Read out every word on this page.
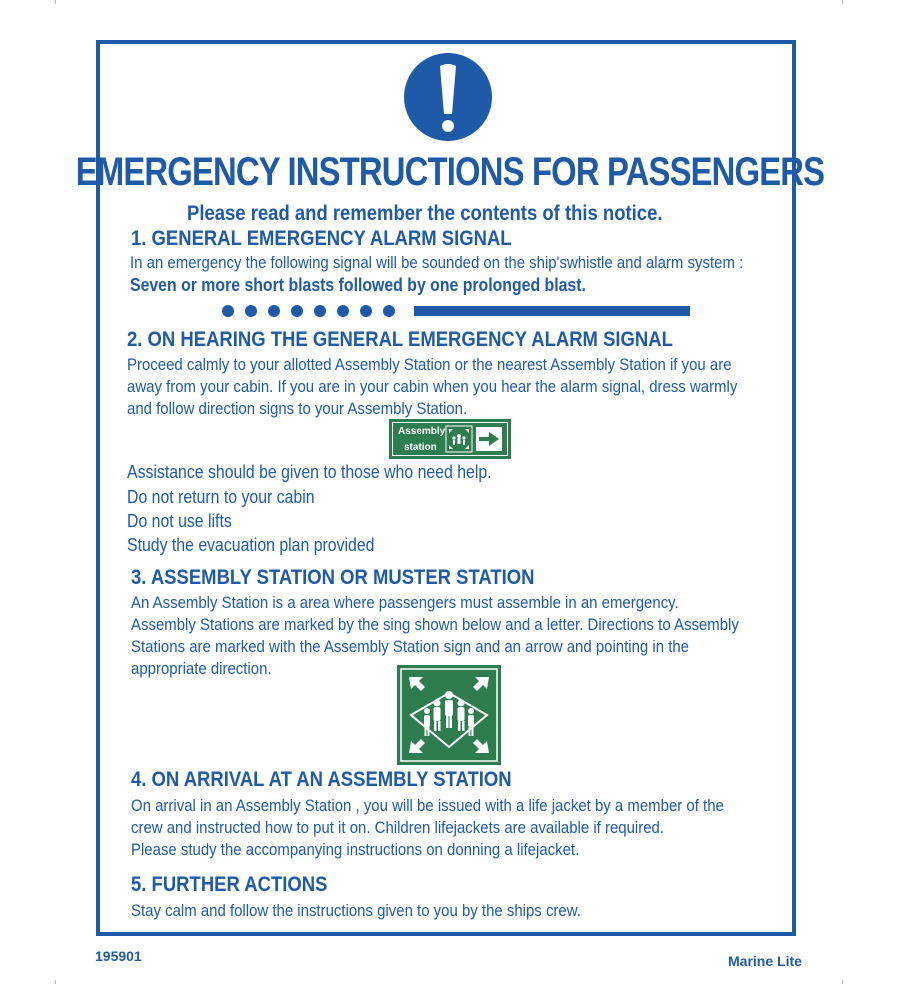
EMERGENCY INSTRUCTIONS FOR PASSENGERS
Please read and remember the contents of this notice.
1. GENERAL EMERGENCY ALARM SIGNAL
In an emergency the following signal will be sounded on the ship'swhistle and alarm system :
Seven or more short blasts followed by one prolonged blast.
2. ON HEARING THE GENERAL EMERGENCY ALARM SIGNAL
Proceed calmly to your allotted Assembly Station or the nearest Assembly Station if you are
away from your cabin. If you are in your cabin when you hear the alarm signal, dress warmly
and follow direction signs to your Assembly Station.
Assembly
station
Assistance should be given to those who need help.
Do not return to your cabin
Do not use lifts
Study the evacuation plan provided
3. ASSEMBLY STATION OR MUSTER STATION
An Assembly Station is a area where passengers must assemble in an emergency.
Assembly Stations are marked by the sing shown below and a letter. Directions to Assembly
Stations are marked with the Assembly Station sign and an arrow and pointing in the
appropriate direction.
4. ON ARRIVAL AT AN ASSEMBLY STATION
On arrival in an Assembly Station , you will be issued with a life jacket by a member of the
crew and instructed how to put it on. Children lifejackets are available if required.
Please study the accompanying instructions on donning a lifejacket.
5. FURTHER ACTIONS
Stay calm and follow the instructions given to you by the ships crew.
195901	Marine Lite
